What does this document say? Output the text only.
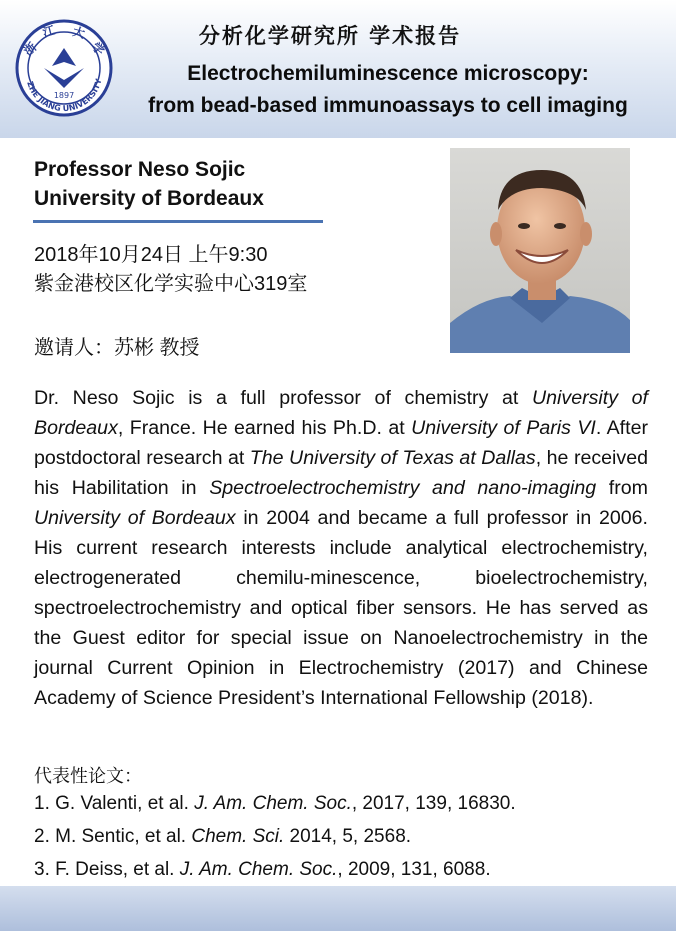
浙
江 大
学
1897
ZHE JIANG UNIVERSITY
分析化学研究所 学术报告
Electrochemiluminescence microscopy:
from bead-based immunoassays to cell imaging
Professor Neso Sojic
University of Bordeaux
2018年10月24日 上午9:30
紫金港校区化学实验中心319室
邀请人：苏彬 教授
Dr. Neso Sojic is a full professor of chemistry at University of Bordeaux, France. He earned his Ph.D. at University of Paris VI. After postdoctoral research at The University of Texas at Dallas, he received his Habilitation in Spectroelectrochemistry and nano-imaging from University of Bordeaux in 2004 and became a full professor in 2006. His current research interests include analytical electrochemistry, electrogenerated chemilu-minescence, bioelectrochemistry, spectroelectrochemistry and optical fiber sensors. He has served as the Guest editor for special issue on Nanoelectrochemistry in the journal Current Opinion in Electrochemistry (2017) and Chinese Academy of Science President’s International Fellowship (2018).
代表性论文：
1. G. Valenti, et al. J. Am. Chem. Soc., 2017, 139, 16830.
2. M. Sentic, et al. Chem. Sci. 2014, 5, 2568.
3. F. Deiss, et al. J. Am. Chem. Soc., 2009, 131, 6088.
